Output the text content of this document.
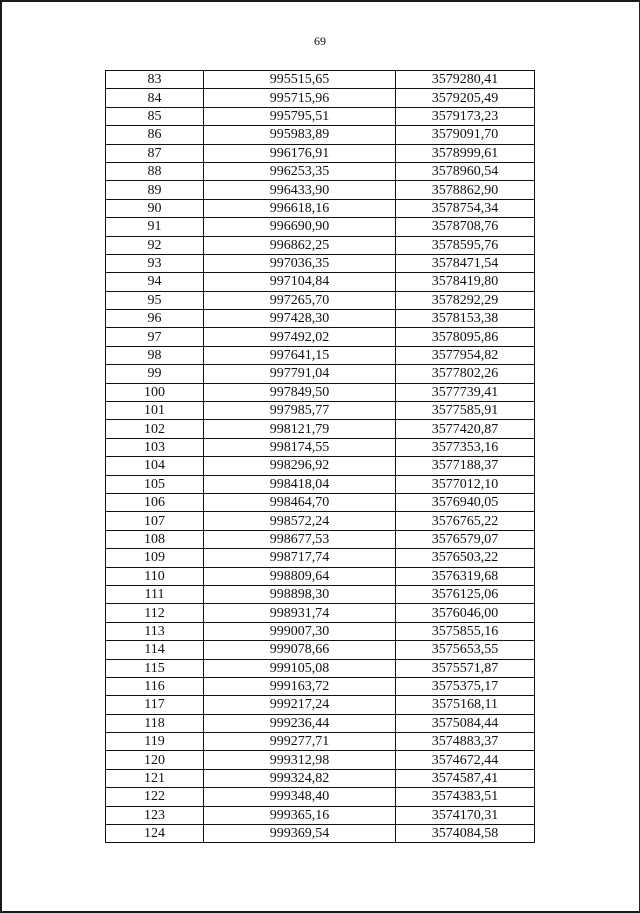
69
83	995515,65	3579280,41
84	995715,96	3579205,49
85	995795,51	3579173,23
86	995983,89	3579091,70
87	996176,91	3578999,61
88	996253,35	3578960,54
89	996433,90	3578862,90
90	996618,16	3578754,34
91	996690,90	3578708,76
92	996862,25	3578595,76
93	997036,35	3578471,54
94	997104,84	3578419,80
95	997265,70	3578292,29
96	997428,30	3578153,38
97	997492,02	3578095,86
98	997641,15	3577954,82
99	997791,04	3577802,26
100	997849,50	3577739,41
101	997985,77	3577585,91
102	998121,79	3577420,87
103	998174,55	3577353,16
104	998296,92	3577188,37
105	998418,04	3577012,10
106	998464,70	3576940,05
107	998572,24	3576765,22
108	998677,53	3576579,07
109	998717,74	3576503,22
110	998809,64	3576319,68
111	998898,30	3576125,06
112	998931,74	3576046,00
113	999007,30	3575855,16
114	999078,66	3575653,55
115	999105,08	3575571,87
116	999163,72	3575375,17
117	999217,24	3575168,11
118	999236,44	3575084,44
119	999277,71	3574883,37
120	999312,98	3574672,44
121	999324,82	3574587,41
122	999348,40	3574383,51
123	999365,16	3574170,31
124	999369,54	3574084,58
